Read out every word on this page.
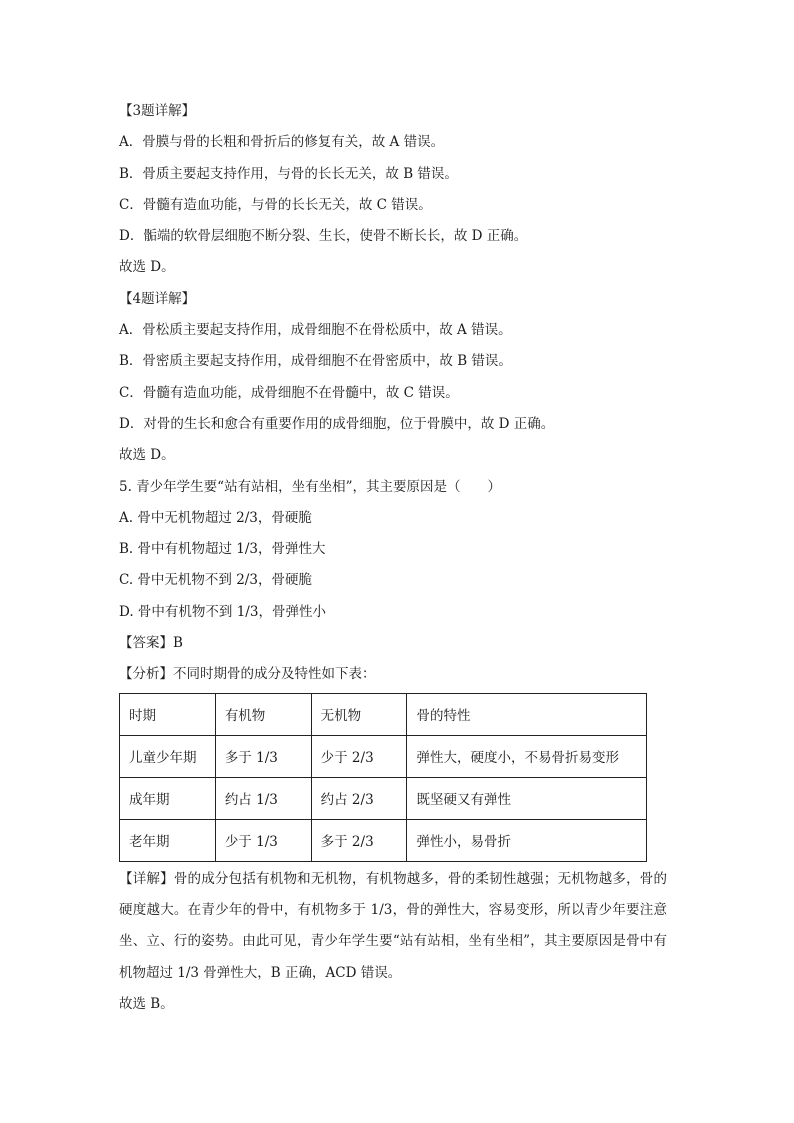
【3题详解】
A．骨膜与骨的长粗和骨折后的修复有关，故 A 错误。
B．骨质主要起支持作用，与骨的长长无关，故 B 错误。
C．骨髓有造血功能，与骨的长长无关，故 C 错误。
D．骺端的软骨层细胞不断分裂、生长，使骨不断长长，故 D 正确。
故选 D。
【4题详解】
A．骨松质主要起支持作用，成骨细胞不在骨松质中，故 A 错误。
B．骨密质主要起支持作用，成骨细胞不在骨密质中，故 B 错误。
C．骨髓有造血功能，成骨细胞不在骨髓中，故 C 错误。
D．对骨的生长和愈合有重要作用的成骨细胞，位于骨膜中，故 D 正确。
故选 D。
5. 青少年学生要“站有站相，坐有坐相”，其主要原因是（　　）
A. 骨中无机物超过 2/3，骨硬脆
B. 骨中有机物超过 1/3，骨弹性大
C. 骨中无机物不到 2/3，骨硬脆
D. 骨中有机物不到 1/3，骨弹性小
【答案】B
【分析】不同时期骨的成分及特性如下表：
时期	有机物	无机物	骨的特性
儿童少年期	多于 1/3	少于 2/3	弹性大，硬度小，不易骨折易变形
成年期	约占 1/3	约占 2/3	既坚硬又有弹性
老年期	少于 1/3	多于 2/3	弹性小，易骨折
【详解】骨的成分包括有机物和无机物，有机物越多，骨的柔韧性越强；无机物越多，骨的硬度越大。在青少年的骨中，有机物多于 1/3，骨的弹性大，容易变形，所以青少年要注意坐、立、行的姿势。由此可见，青少年学生要“站有站相，坐有坐相”，其主要原因是骨中有机物超过 1/3 骨弹性大，B 正确，ACD 错误。
故选 B。
